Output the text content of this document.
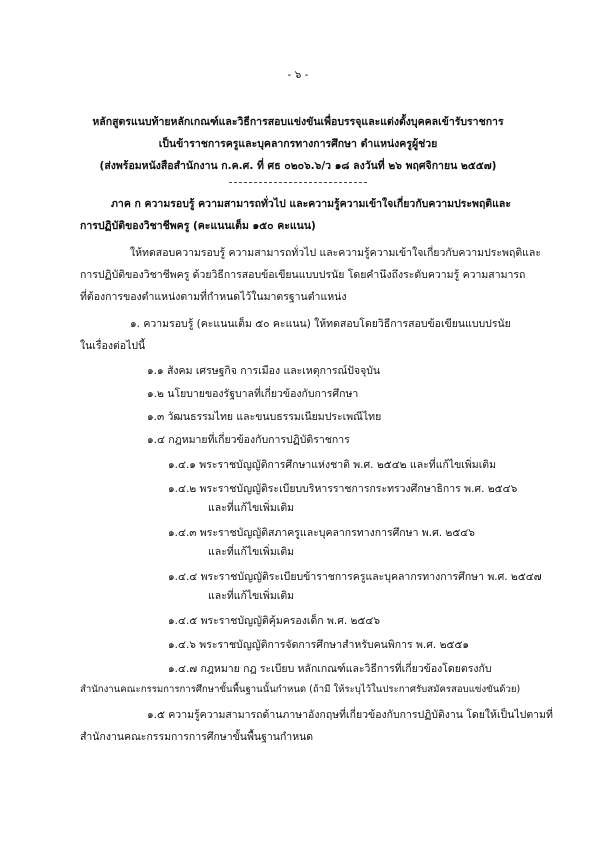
- ๖ -
หลักสูตรแนบท้ายหลักเกณฑ์และวิธีการสอบแข่งขันเพื่อบรรจุและแต่งตั้งบุคคลเข้ารับราชการ
เป็นข้าราชการครูและบุคลากรทางการศึกษา ตำแหน่งครูผู้ช่วย
(ส่งพร้อมหนังสือสำนักงาน ก.ค.ศ. ที่ ศธ ๐๒๐๖.๖/ว ๑๘ ลงวันที่ ๒๖ พฤศจิกายน ๒๕๕๗)
ภาค ก ความรอบรู้ ความสามารถทั่วไป และความรู้ความเข้าใจเกี่ยวกับความประพฤติและ
การปฏิบัติของวิชาชีพครู (คะแนนเต็ม ๑๕๐ คะแนน)
ให้ทดสอบความรอบรู้ ความสามารถทั่วไป และความรู้ความเข้าใจเกี่ยวกับความประพฤติและ
การปฏิบัติของวิชาชีพครู ด้วยวิธีการสอบข้อเขียนแบบปรนัย โดยคำนึงถึงระดับความรู้ ความสามารถ
ที่ต้องการของตำแหน่งตามที่กำหนดไว้ในมาตรฐานตำแหน่ง
๑. ความรอบรู้ (คะแนนเต็ม ๕๐ คะแนน) ให้ทดสอบโดยวิธีการสอบข้อเขียนแบบปรนัย
ในเรื่องต่อไปนี้
๑.๑ สังคม เศรษฐกิจ การเมือง และเหตุการณ์ปัจจุบัน
๑.๒ นโยบายของรัฐบาลที่เกี่ยวข้องกับการศึกษา
๑.๓ วัฒนธรรมไทย และขนบธรรมเนียมประเพณีไทย
๑.๔ กฎหมายที่เกี่ยวข้องกับการปฏิบัติราชการ
๑.๔.๑ พระราชบัญญัติการศึกษาแห่งชาติ พ.ศ. ๒๕๔๒ และที่แก้ไขเพิ่มเติม
๑.๔.๒ พระราชบัญญัติระเบียบบริหารราชการกระทรวงศึกษาธิการ พ.ศ. ๒๕๔๖
และที่แก้ไขเพิ่มเติม
๑.๔.๓ พระราชบัญญัติสภาครูและบุคลากรทางการศึกษา พ.ศ. ๒๕๔๖
และที่แก้ไขเพิ่มเติม
๑.๔.๔ พระราชบัญญัติระเบียบข้าราชการครูและบุคลากรทางการศึกษา พ.ศ. ๒๕๔๗
และที่แก้ไขเพิ่มเติม
๑.๔.๕ พระราชบัญญัติคุ้มครองเด็ก พ.ศ. ๒๕๔๖
๑.๔.๖ พระราชบัญญัติการจัดการศึกษาสำหรับคนพิการ พ.ศ. ๒๕๕๑
๑.๔.๗ กฎหมาย กฎ ระเบียบ หลักเกณฑ์และวิธีการที่เกี่ยวข้องโดยตรงกับ
สำนักงานคณะกรรมการการศึกษาขั้นพื้นฐานนั้นกำหนด (ถ้ามี ให้ระบุไว้ในประกาศรับสมัครสอบแข่งขันด้วย)
๑.๕ ความรู้ความสามารถด้านภาษาอังกฤษที่เกี่ยวข้องกับการปฏิบัติงาน โดยให้เป็นไปตามที่
สำนักงานคณะกรรมการการศึกษาขั้นพื้นฐานกำหนด
